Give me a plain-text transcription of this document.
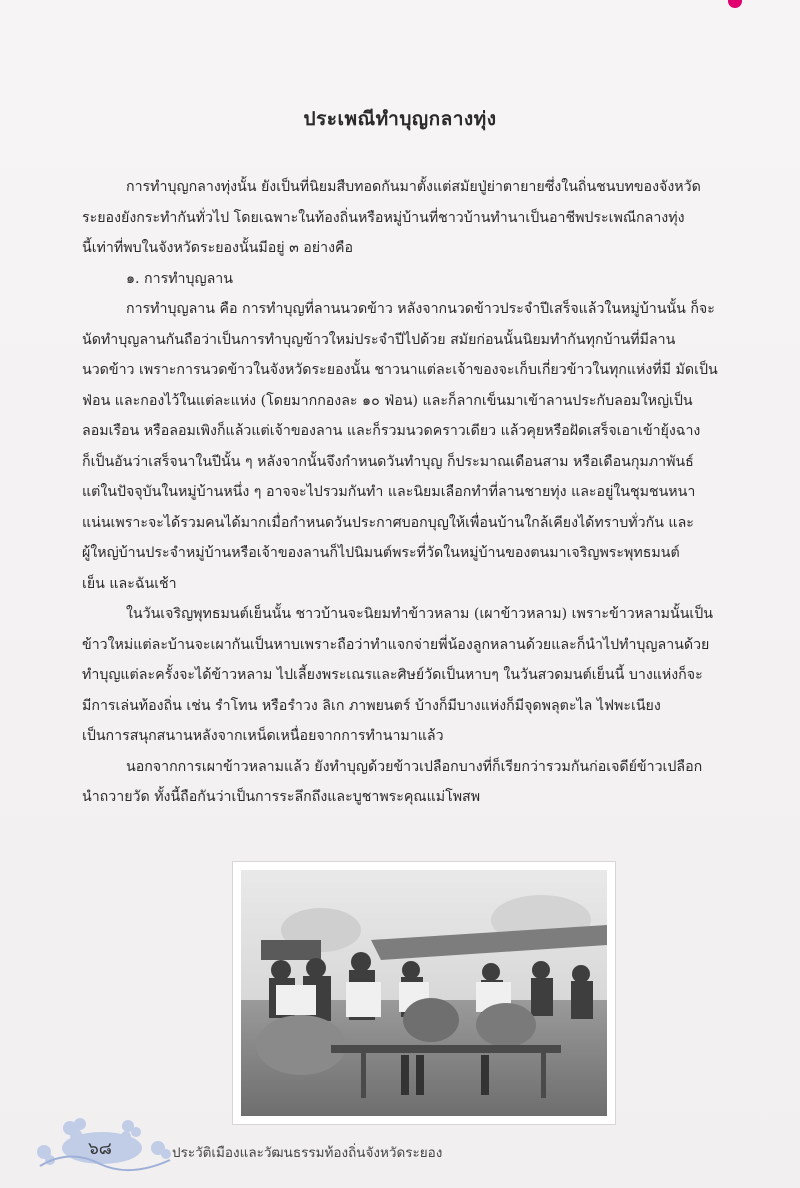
ประเพณีทำบุญกลางทุ่ง
การทำบุญกลางทุ่งนั้น ยังเป็นที่นิยมสืบทอดกันมาตั้งแต่สมัยปู่ย่าตายายซึ่งในถิ่นชนบทของจังหวัด
ระยองยังกระทำกันทั่วไป โดยเฉพาะในท้องถิ่นหรือหมู่บ้านที่ชาวบ้านทำนาเป็นอาชีพประเพณีกลางทุ่ง
นี้เท่าที่พบในจังหวัดระยองนั้นมีอยู่ ๓ อย่างคือ
๑. การทำบุญลาน
การทำบุญลาน คือ การทำบุญที่ลานนวดข้าว หลังจากนวดข้าวประจำปีเสร็จแล้วในหมู่บ้านนั้น ก็จะ
นัดทำบุญลานกันถือว่าเป็นการทำบุญข้าวใหม่ประจำปีไปด้วย สมัยก่อนนั้นนิยมทำกันทุกบ้านที่มีลาน
นวดข้าว เพราะการนวดข้าวในจังหวัดระยองนั้น ชาวนาแต่ละเจ้าของจะเก็บเกี่ยวข้าวในทุกแห่งที่มี มัดเป็น
ฟ่อน และกองไว้ในแต่ละแห่ง (โดยมากกองละ ๑๐ ฟ่อน) และก็ลากเข็นมาเข้าลานประกับลอมใหญ่เป็น
ลอมเรือน หรือลอมเพิงก็แล้วแต่เจ้าของลาน และก็รวมนวดคราวเดียว แล้วคุยหรือฝัดเสร็จเอาเข้ายุ้งฉาง
ก็เป็นอันว่าเสร็จนาในปีนั้น ๆ หลังจากนั้นจึงกำหนดวันทำบุญ ก็ประมาณเดือนสาม หรือเดือนกุมภาพันธ์
แต่ในปัจจุบันในหมู่บ้านหนึ่ง ๆ อาจจะไปรวมกันทำ และนิยมเลือกทำที่ลานชายทุ่ง และอยู่ในชุมชนหนา
แน่นเพราะจะได้รวมคนได้มากเมื่อกำหนดวันประกาศบอกบุญให้เพื่อนบ้านใกล้เคียงได้ทราบทั่วกัน และ
ผู้ใหญ่บ้านประจำหมู่บ้านหรือเจ้าของลานก็ไปนิมนต์พระที่วัดในหมู่บ้านของตนมาเจริญพระพุทธมนต์
เย็น และฉันเช้า
ในวันเจริญพุทธมนต์เย็นนั้น ชาวบ้านจะนิยมทำข้าวหลาม (เผาข้าวหลาม) เพราะข้าวหลามนั้นเป็น
ข้าวใหม่แต่ละบ้านจะเผากันเป็นหาบเพราะถือว่าทำแจกจ่ายพี่น้องลูกหลานด้วยและก็นำไปทำบุญลานด้วย
ทำบุญแต่ละครั้งจะได้ข้าวหลาม ไปเลี้ยงพระเณรและศิษย์วัดเป็นหาบๆ ในวันสวดมนต์เย็นนี้ บางแห่งก็จะ
มีการเล่นท้องถิ่น เช่น รำโทน หรือรำวง ลิเก ภาพยนตร์ บ้างก็มีบางแห่งก็มีจุดพลุตะไล ไฟพะเนียง
เป็นการสนุกสนานหลังจากเหน็ดเหนื่อยจากการทำนามาแล้ว
นอกจากการเผาข้าวหลามแล้ว ยังทำบุญด้วยข้าวเปลือกบางที่ก็เรียกว่ารวมกันก่อเจดีย์ข้าวเปลือก
นำถวายวัด ทั้งนี้ถือกันว่าเป็นการระลึกถึงและบูชาพระคุณแม่โพสพ
๖๘	ประวัติเมืองและวัฒนธรรมท้องถิ่นจังหวัดระยอง
